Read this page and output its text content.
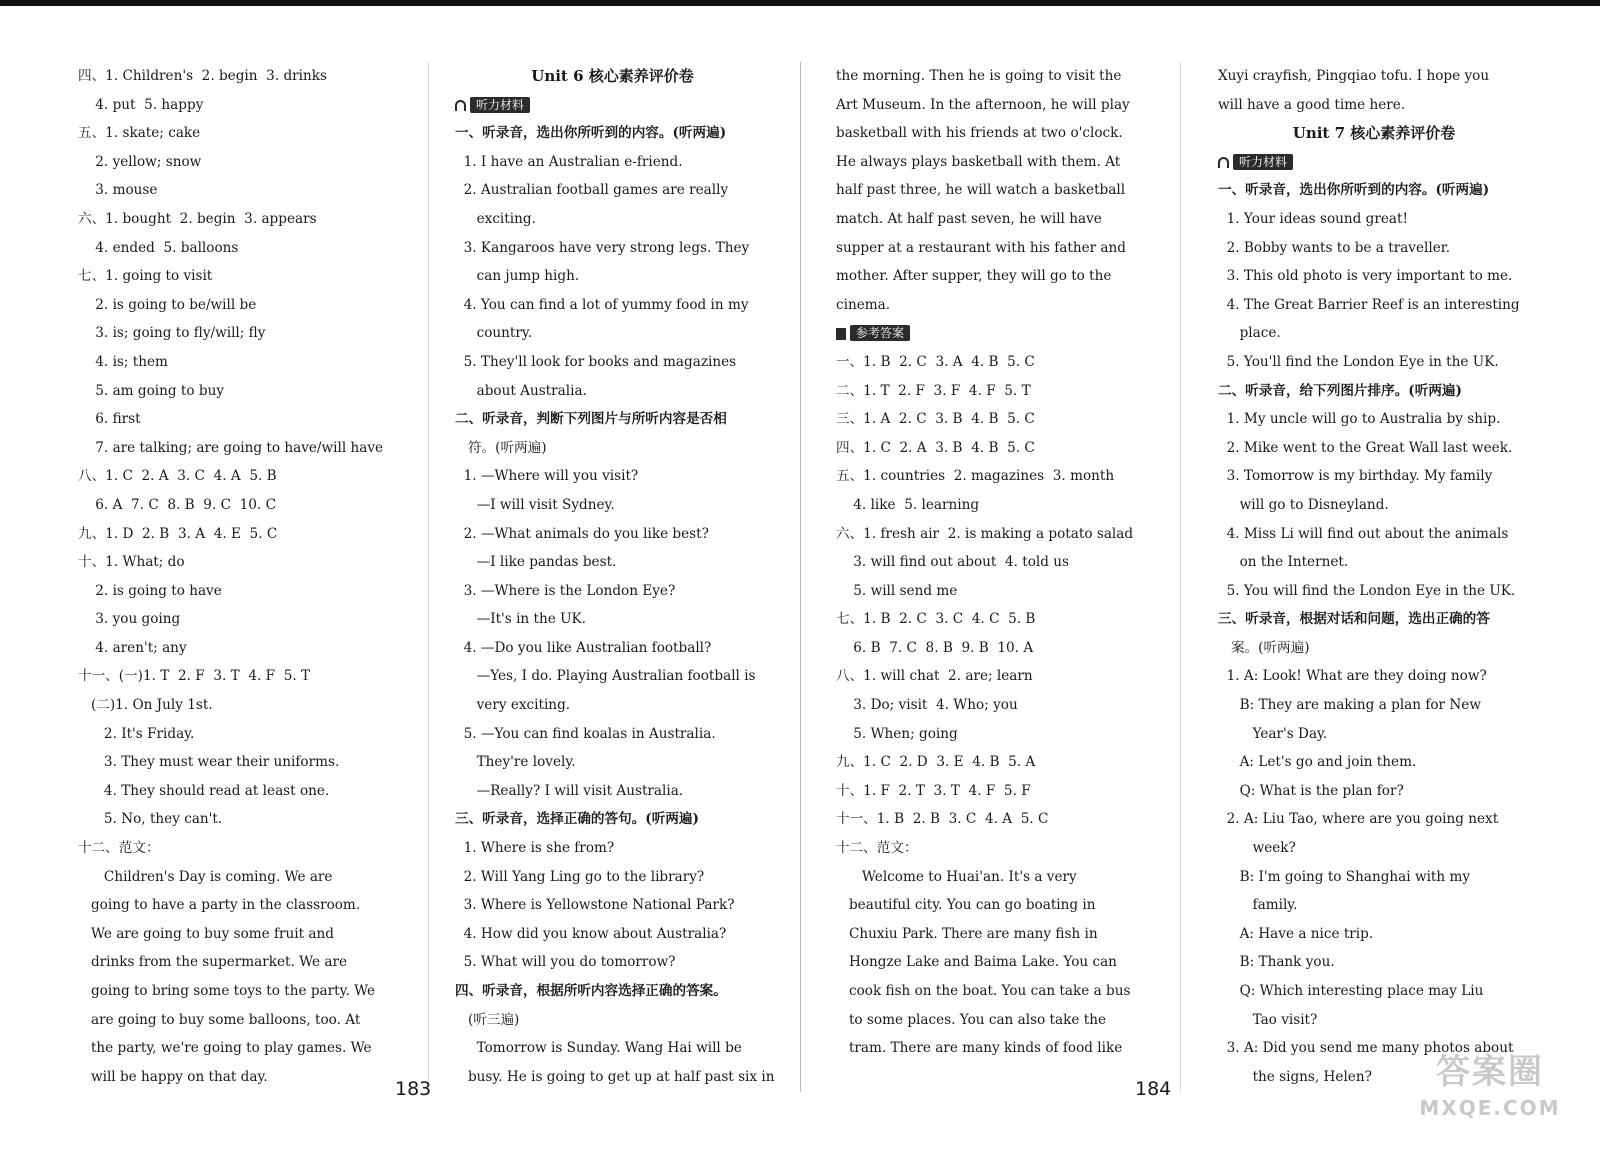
四、1. Children's  2. begin  3. drinks
4. put  5. happy
五、1. skate; cake
2. yellow; snow
3. mouse
六、1. bought  2. begin  3. appears
4. ended  5. balloons
七、1. going to visit
2. is going to be/will be
3. is; going to fly/will; fly
4. is; them
5. am going to buy
6. first
7. are talking; are going to have/will have
八、1. C  2. A  3. C  4. A  5. B
6. A  7. C  8. B  9. C  10. C
九、1. D  2. B  3. A  4. E  5. C
十、1. What; do
2. is going to have
3. you going
4. aren't; any
十一、(一)1. T  2. F  3. T  4. F  5. T
(二)1. On July 1st.
2. It's Friday.
3. They must wear their uniforms.
4. They should read at least one.
5. No, they can't.
十二、范文：
Children's Day is coming. We are
going to have a party in the classroom.
We are going to buy some fruit and
drinks from the supermarket. We are
going to bring some toys to the party. We
are going to buy some balloons, too. At
the party, we're going to play games. We
will be happy on that day.
Unit 6 核心素养评价卷
听力材料
一、听录音，选出你所听到的内容。(听两遍)
1. I have an Australian e-friend.
2. Australian football games are really
exciting.
3. Kangaroos have very strong legs. They
can jump high.
4. You can find a lot of yummy food in my
country.
5. They'll look for books and magazines
about Australia.
二、听录音，判断下列图片与所听内容是否相
符。(听两遍)
1. —Where will you visit?
—I will visit Sydney.
2. —What animals do you like best?
—I like pandas best.
3. —Where is the London Eye?
—It's in the UK.
4. —Do you like Australian football?
—Yes, I do. Playing Australian football is
very exciting.
5. —You can find koalas in Australia.
They're lovely.
—Really? I will visit Australia.
三、听录音，选择正确的答句。(听两遍)
1. Where is she from?
2. Will Yang Ling go to the library?
3. Where is Yellowstone National Park?
4. How did you know about Australia?
5. What will you do tomorrow?
四、听录音，根据所听内容选择正确的答案。
(听三遍)
Tomorrow is Sunday. Wang Hai will be
busy. He is going to get up at half past six in
183
the morning. Then he is going to visit the
Art Museum. In the afternoon, he will play
basketball with his friends at two o'clock.
He always plays basketball with them. At
half past three, he will watch a basketball
match. At half past seven, he will have
supper at a restaurant with his father and
mother. After supper, they will go to the
cinema.
参考答案
一、1. B  2. C  3. A  4. B  5. C
二、1. T  2. F  3. F  4. F  5. T
三、1. A  2. C  3. B  4. B  5. C
四、1. C  2. A  3. B  4. B  5. C
五、1. countries  2. magazines  3. month
4. like  5. learning
六、1. fresh air  2. is making a potato salad
3. will find out about  4. told us
5. will send me
七、1. B  2. C  3. C  4. C  5. B
6. B  7. C  8. B  9. B  10. A
八、1. will chat  2. are; learn
3. Do; visit  4. Who; you
5. When; going
九、1. C  2. D  3. E  4. B  5. A
十、1. F  2. T  3. T  4. F  5. F
十一、1. B  2. B  3. C  4. A  5. C
十二、范文：
Welcome to Huai'an. It's a very
beautiful city. You can go boating in
Chuxiu Park. There are many fish in
Hongze Lake and Baima Lake. You can
cook fish on the boat. You can take a bus
to some places. You can also take the
tram. There are many kinds of food like
Xuyi crayfish, Pingqiao tofu. I hope you
will have a good time here.
Unit 7 核心素养评价卷
听力材料
一、听录音，选出你所听到的内容。(听两遍)
1. Your ideas sound great!
2. Bobby wants to be a traveller.
3. This old photo is very important to me.
4. The Great Barrier Reef is an interesting
place.
5. You'll find the London Eye in the UK.
二、听录音，给下列图片排序。(听两遍)
1. My uncle will go to Australia by ship.
2. Mike went to the Great Wall last week.
3. Tomorrow is my birthday. My family
will go to Disneyland.
4. Miss Li will find out about the animals
on the Internet.
5. You will find the London Eye in the UK.
三、听录音，根据对话和问题，选出正确的答
案。(听两遍)
1. A: Look! What are they doing now?
B: They are making a plan for New
Year's Day.
A: Let's go and join them.
Q: What is the plan for?
2. A: Liu Tao, where are you going next
week?
B: I'm going to Shanghai with my
family.
A: Have a nice trip.
B: Thank you.
Q: Which interesting place may Liu
Tao visit?
3. A: Did you send me many photos about
the signs, Helen?
184	答案圈
MXQE.COM
